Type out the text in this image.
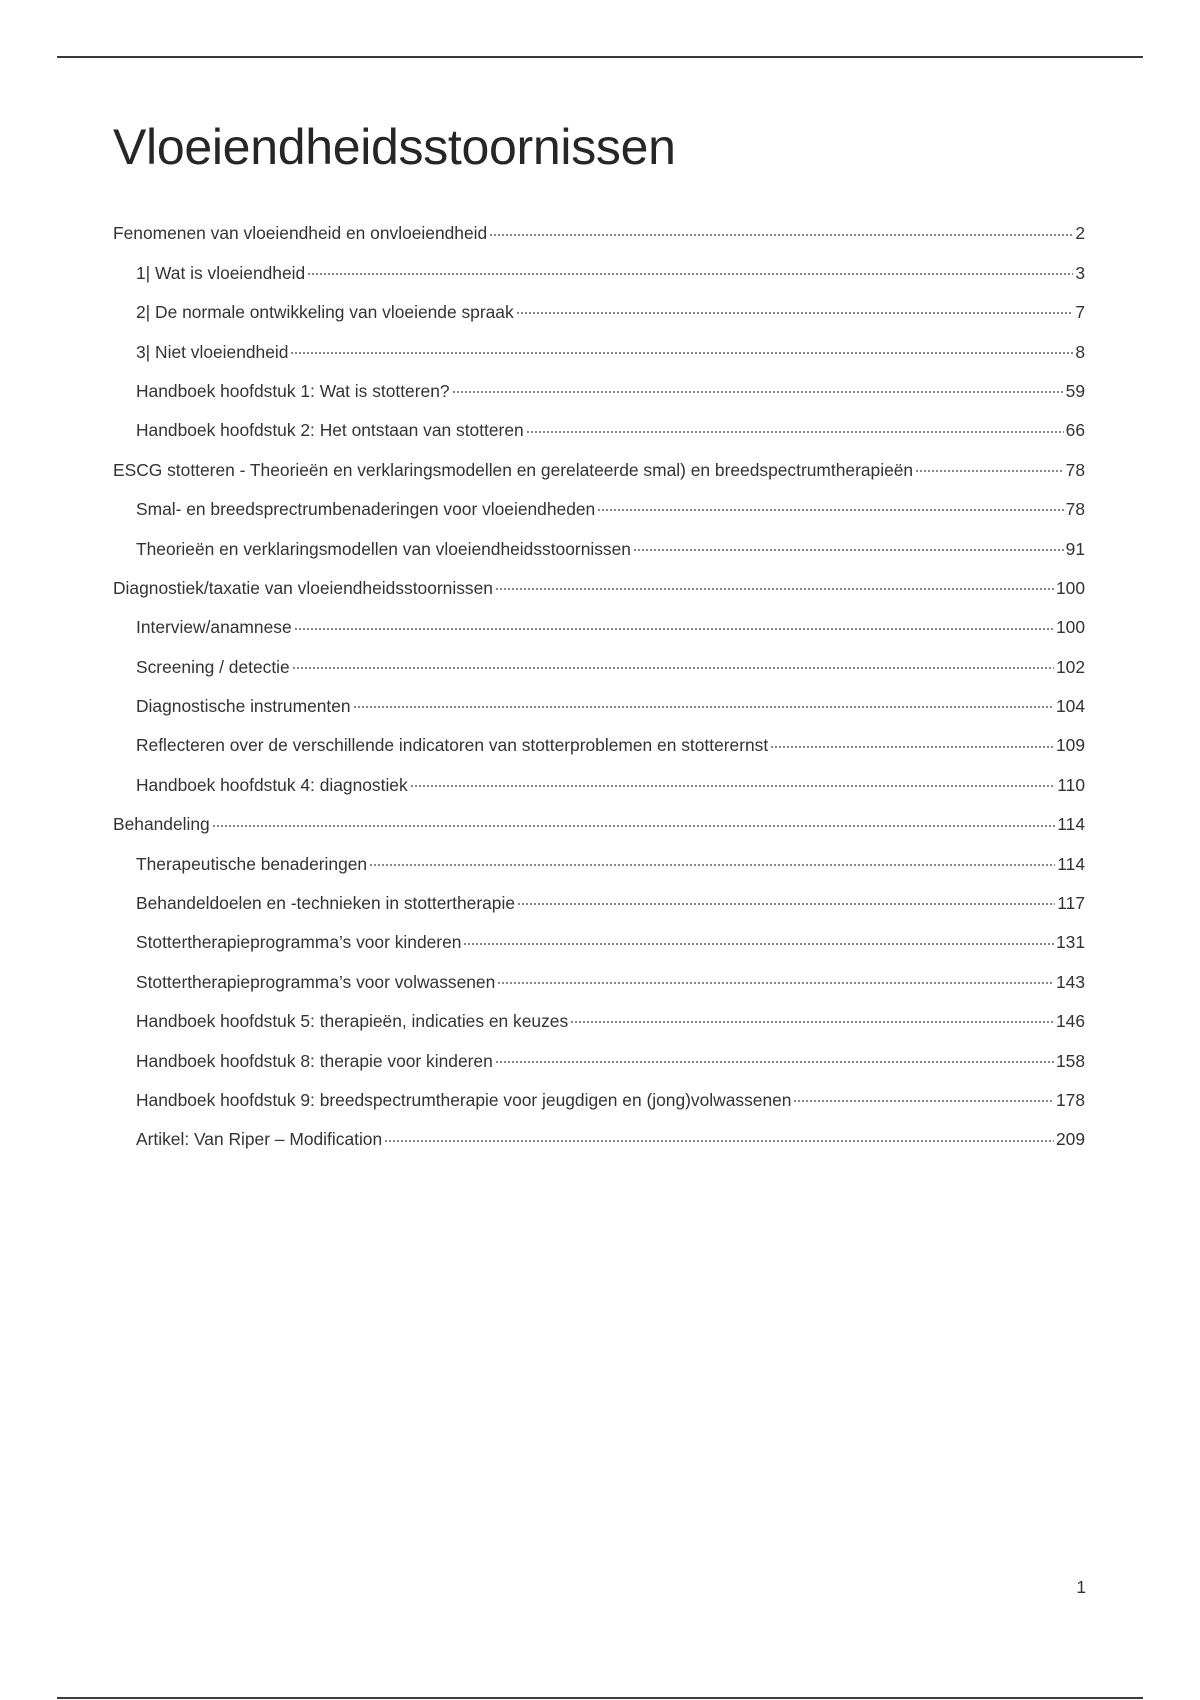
Vloeiendheidsstoornissen
Fenomenen van vloeiendheid en onvloeiendheid	2
1| Wat is vloeiendheid	3
2| De normale ontwikkeling van vloeiende spraak	7
3| Niet vloeiendheid	8
Handboek hoofdstuk 1: Wat is stotteren?	59
Handboek hoofdstuk 2: Het ontstaan van stotteren	66
ESCG stotteren - Theorieën en verklaringsmodellen en gerelateerde smal) en breedspectrumtherapieën	78
Smal- en breedsprectrumbenaderingen voor vloeiendheden	78
Theorieën en verklaringsmodellen van vloeiendheidsstoornissen	91
Diagnostiek/taxatie van vloeiendheidsstoornissen	100
Interview/anamnese	100
Screening / detectie	102
Diagnostische instrumenten	104
Reflecteren over de verschillende indicatoren van stotterproblemen en stotterernst	109
Handboek hoofdstuk 4: diagnostiek	110
Behandeling	114
Therapeutische benaderingen	114
Behandeldoelen en -technieken in stottertherapie	117
Stottertherapieprogramma’s voor kinderen	131
Stottertherapieprogramma’s voor volwassenen	143
Handboek hoofdstuk 5: therapieën, indicaties en keuzes	146
Handboek hoofdstuk 8: therapie voor kinderen	158
Handboek hoofdstuk 9: breedspectrumtherapie voor jeugdigen en (jong)volwassenen	178
Artikel: Van Riper – Modification	209
1
